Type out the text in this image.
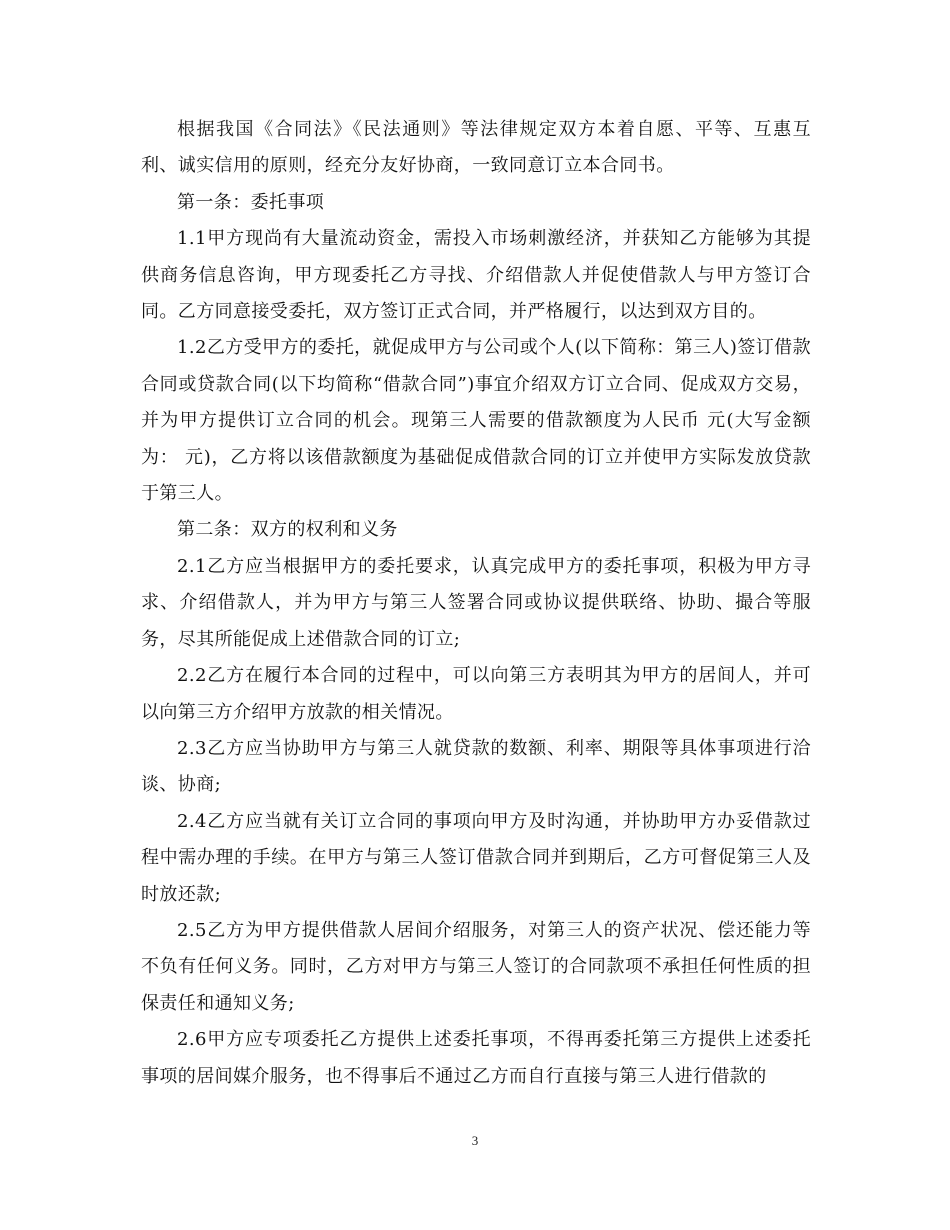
根据我国《合同法》《民法通则》等法律规定双方本着自愿、平等、互惠互利、诚实信用的原则，经充分友好协商，一致同意订立本合同书。

第一条：委托事项

1.1甲方现尚有大量流动资金，需投入市场刺激经济，并获知乙方能够为其提供商务信息咨询，甲方现委托乙方寻找、介绍借款人并促使借款人与甲方签订合同。乙方同意接受委托，双方签订正式合同，并严格履行，以达到双方目的。

1.2乙方受甲方的委托，就促成甲方与公司或个人(以下简称：第三人)签订借款合同或贷款合同(以下均简称“借款合同”)事宜介绍双方订立合同、促成双方交易，并为甲方提供订立合同的机会。现第三人需要的借款额度为人民币 元(大写金额为： 元)，乙方将以该借款额度为基础促成借款合同的订立并使甲方实际发放贷款于第三人。

第二条：双方的权利和义务

2.1乙方应当根据甲方的委托要求，认真完成甲方的委托事项，积极为甲方寻求、介绍借款人，并为甲方与第三人签署合同或协议提供联络、协助、撮合等服务，尽其所能促成上述借款合同的订立;

2.2乙方在履行本合同的过程中，可以向第三方表明其为甲方的居间人，并可以向第三方介绍甲方放款的相关情况。

2.3乙方应当协助甲方与第三人就贷款的数额、利率、期限等具体事项进行洽谈、协商;

2.4乙方应当就有关订立合同的事项向甲方及时沟通，并协助甲方办妥借款过程中需办理的手续。在甲方与第三人签订借款合同并到期后，乙方可督促第三人及时放还款;

2.5乙方为甲方提供借款人居间介绍服务，对第三人的资产状况、偿还能力等不负有任何义务。同时，乙方对甲方与第三人签订的合同款项不承担任何性质的担保责任和通知义务;

2.6甲方应专项委托乙方提供上述委托事项，不得再委托第三方提供上述委托事项的居间媒介服务，也不得事后不通过乙方而自行直接与第三人进行借款的

3
